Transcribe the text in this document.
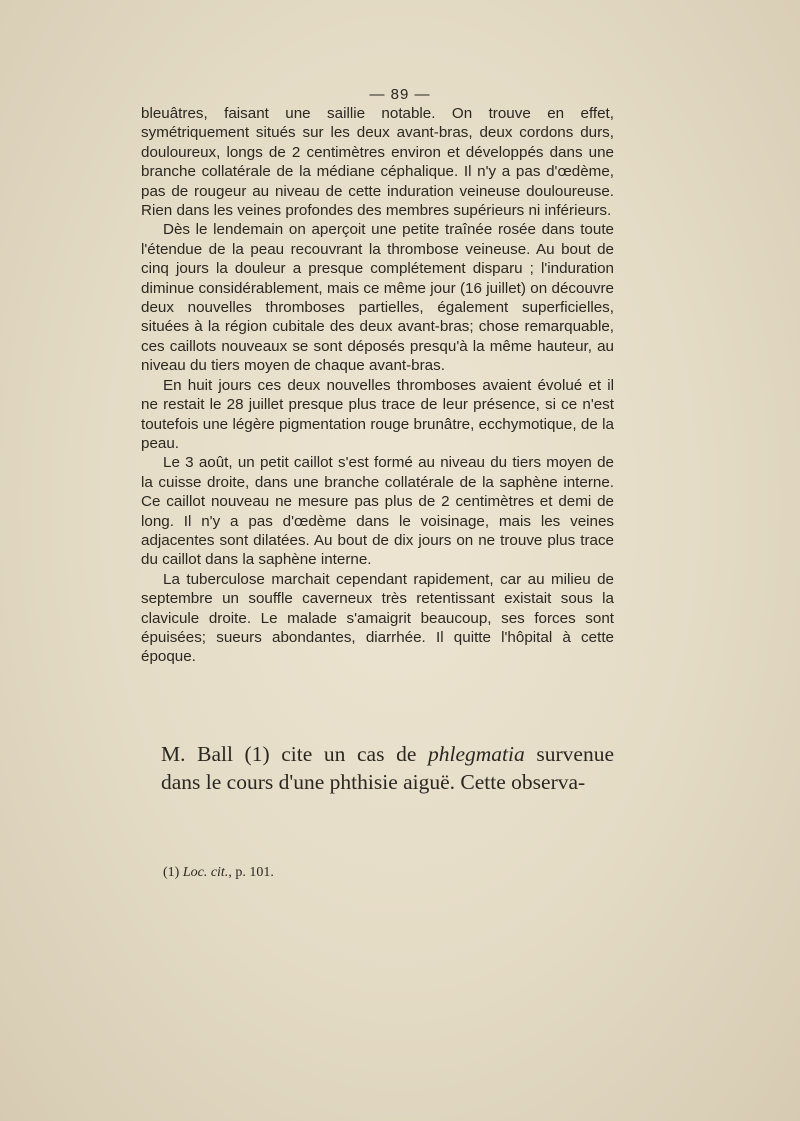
— 89 —

bleuâtres, faisant une saillie notable. On trouve en effet, symétriquement situés sur les deux avant-bras, deux cordons durs, douloureux, longs de 2 centimètres environ et développés dans une branche collatérale de la médiane céphalique. Il n'y a pas d'œdème, pas de rougeur au niveau de cette induration veineuse douloureuse. Rien dans les veines profondes des membres supérieurs ni inférieurs.

Dès le lendemain on aperçoit une petite traînée rosée dans toute l'étendue de la peau recouvrant la thrombose veineuse. Au bout de cinq jours la douleur a presque complétement disparu ; l'induration diminue considérablement, mais ce même jour (16 juillet) on découvre deux nouvelles thromboses partielles, également superficielles, situées à la région cubitale des deux avant-bras; chose remarquable, ces caillots nouveaux se sont déposés presqu'à la même hauteur, au niveau du tiers moyen de chaque avant-bras.

En huit jours ces deux nouvelles thromboses avaient évolué et il ne restait le 28 juillet presque plus trace de leur présence, si ce n'est toutefois une légère pigmentation rouge brunâtre, ecchymotique, de la peau.

Le 3 août, un petit caillot s'est formé au niveau du tiers moyen de la cuisse droite, dans une branche collatérale de la saphène interne. Ce caillot nouveau ne mesure pas plus de 2 centimètres et demi de long. Il n'y a pas d'œdème dans le voisinage, mais les veines adjacentes sont dilatées. Au bout de dix jours on ne trouve plus trace du caillot dans la saphène interne.

La tuberculose marchait cependant rapidement, car au milieu de septembre un souffle caverneux très retentissant existait sous la clavicule droite. Le malade s'amaigrit beaucoup, ses forces sont épuisées; sueurs abondantes, diarrhée. Il quitte l'hôpital à cette époque.

M. Ball (1) cite un cas de phlegmatia survenue
dans le cours d'une phthisie aiguë. Cette observa-
(1) Loc. cit., p. 101.
